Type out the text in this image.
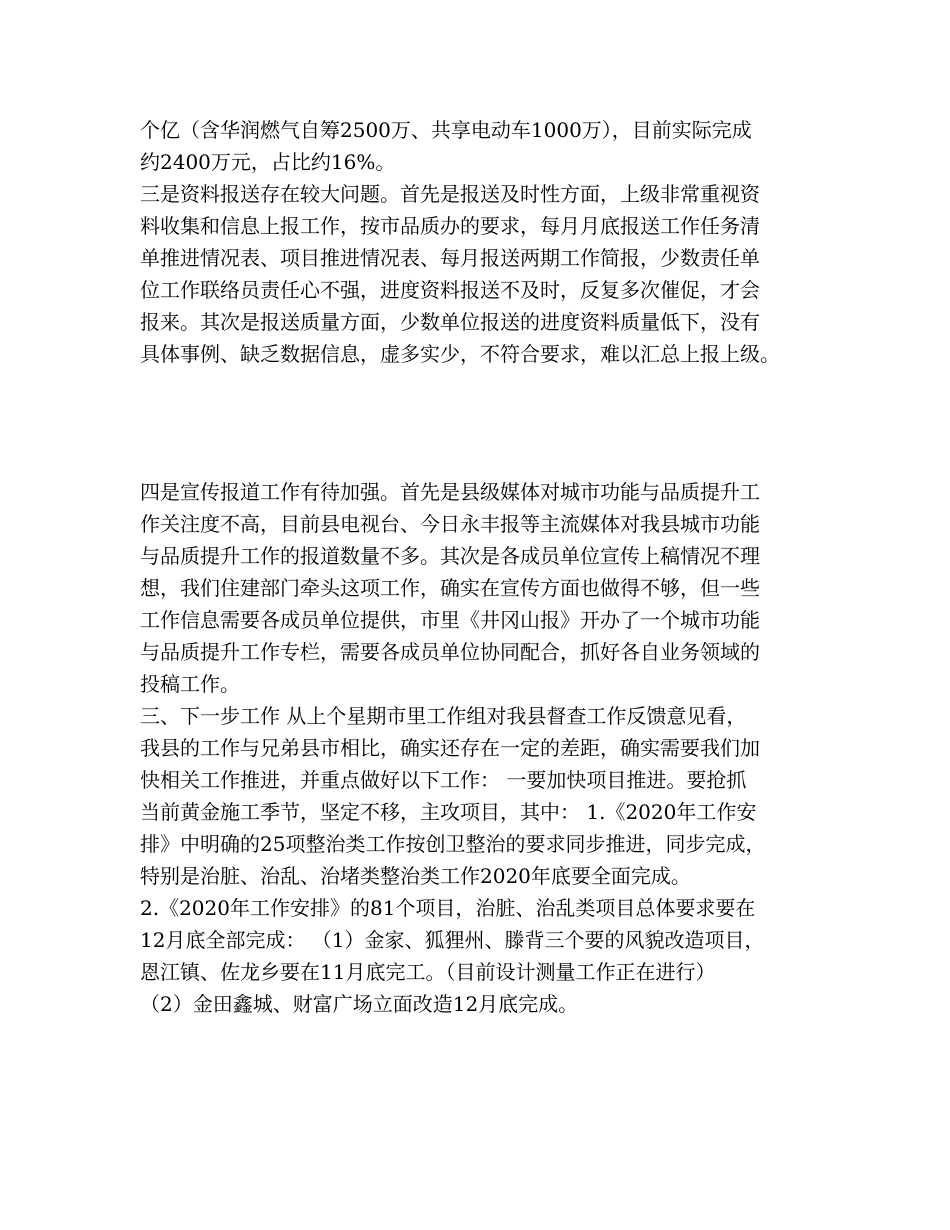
个亿（含华润燃气自筹2500万、共享电动车1000万），目前实际完成
约2400万元，占比约16%。
三是资料报送存在较大问题。首先是报送及时性方面，上级非常重视资
料收集和信息上报工作，按市品质办的要求，每月月底报送工作任务清
单推进情况表、项目推进情况表、每月报送两期工作简报，少数责任单
位工作联络员责任心不强，进度资料报送不及时，反复多次催促，才会
报来。其次是报送质量方面，少数单位报送的进度资料质量低下，没有
具体事例、缺乏数据信息，虚多实少，不符合要求，难以汇总上报上级。
四是宣传报道工作有待加强。首先是县级媒体对城市功能与品质提升工
作关注度不高，目前县电视台、今日永丰报等主流媒体对我县城市功能
与品质提升工作的报道数量不多。其次是各成员单位宣传上稿情况不理
想，我们住建部门牵头这项工作，确实在宣传方面也做得不够，但一些
工作信息需要各成员单位提供，市里《井冈山报》开办了一个城市功能
与品质提升工作专栏，需要各成员单位协同配合，抓好各自业务领域的
投稿工作。
三、下一步工作 从上个星期市里工作组对我县督查工作反馈意见看，
我县的工作与兄弟县市相比，确实还存在一定的差距，确实需要我们加
快相关工作推进，并重点做好以下工作： 一要加快项目推进。要抢抓
当前黄金施工季节，坚定不移，主攻项目，其中： 1.《2020年工作安
排》中明确的25项整治类工作按创卫整治的要求同步推进，同步完成，
特别是治脏、治乱、治堵类整治类工作2020年底要全面完成。
2.《2020年工作安排》的81个项目，治脏、治乱类项目总体要求要在
12月底全部完成： （1）金家、狐狸州、滕背三个要的风貌改造项目，
恩江镇、佐龙乡要在11月底完工。（目前设计测量工作正在进行）
（2）金田鑫城、财富广场立面改造12月底完成。
